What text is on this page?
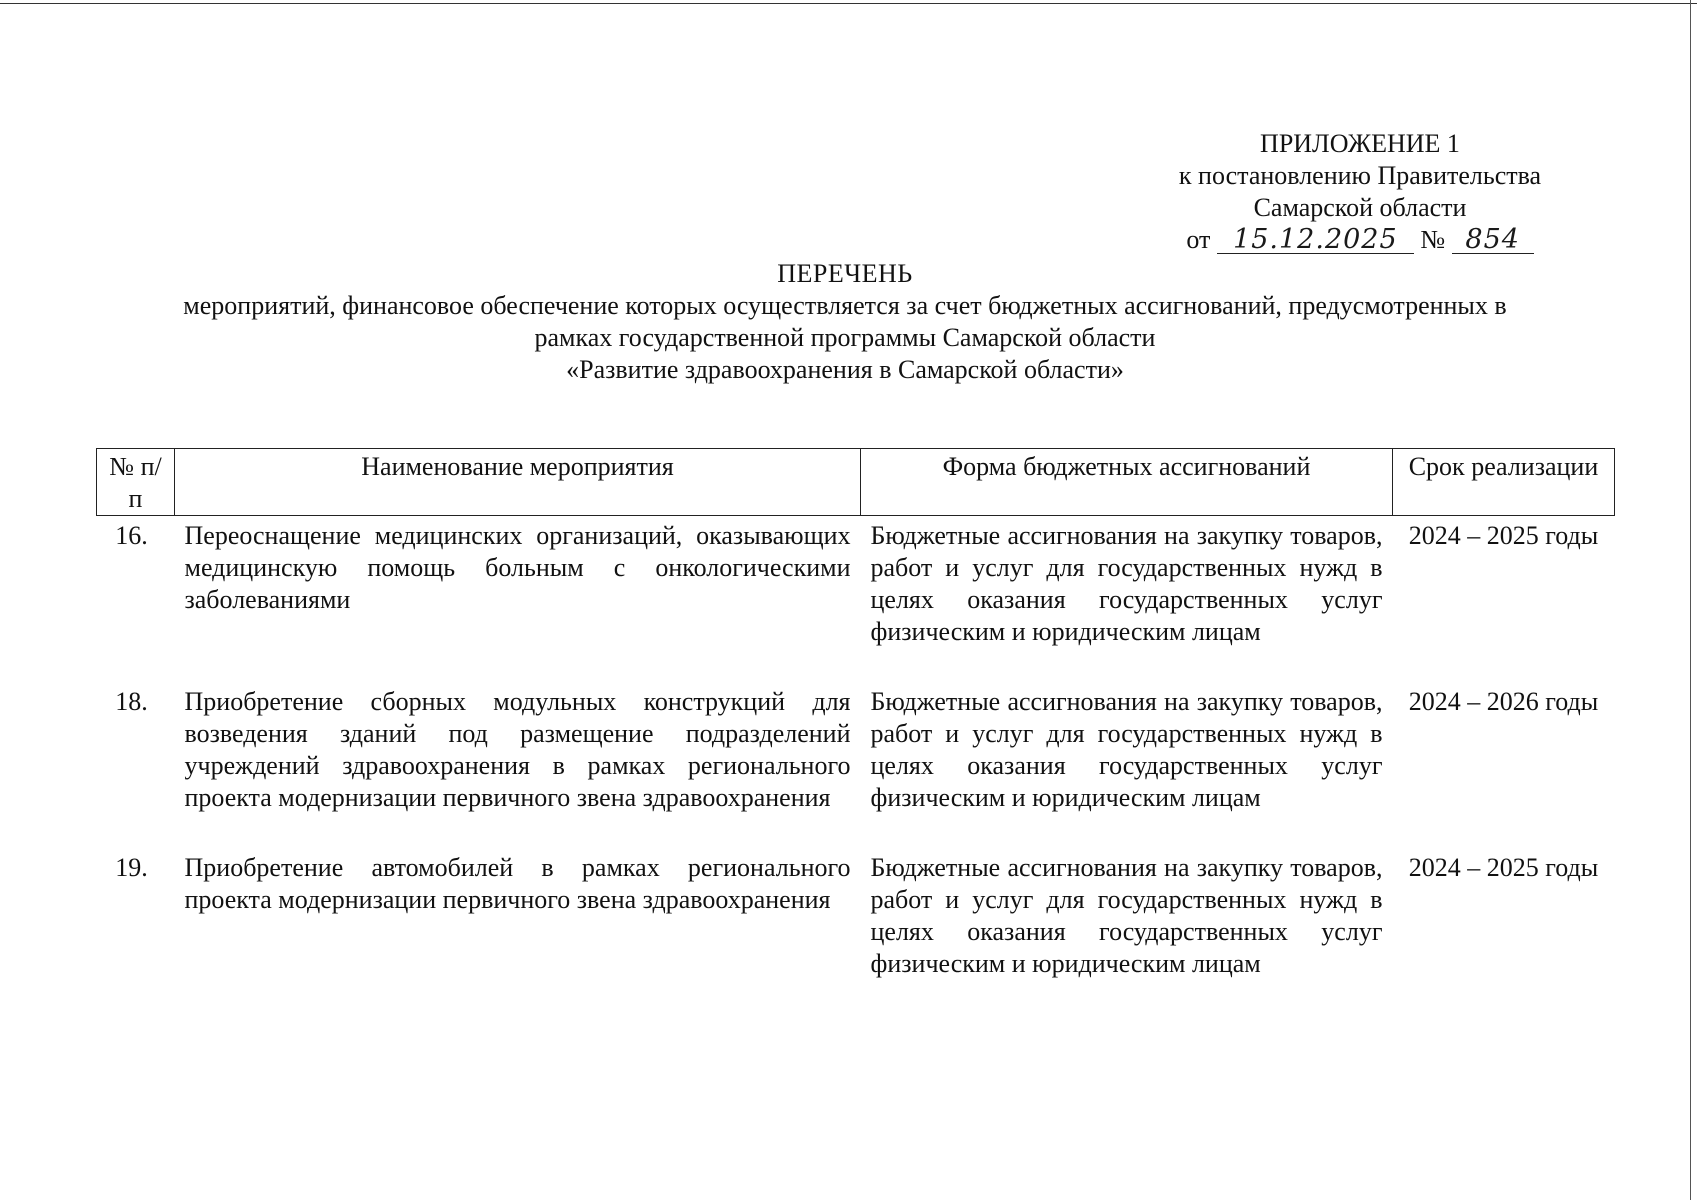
ПРИЛОЖЕНИЕ 1
к постановлению Правительства
Самарской области
от 15.12.2025 № 854
ПЕРЕЧЕНЬ
мероприятий, финансовое обеспечение которых осуществляется за счет бюджетных ассигнований, предусмотренных в
рамках государственной программы Самарской области
«Развитие здравоохранения в Самарской области»
№ п/п	Наименование мероприятия	Форма бюджетных ассигнований	Срок реализации
16.	Переоснащение медицинских организаций, оказывающих медицинскую помощь больным с онкологическими заболеваниями	Бюджетные ассигнования на закупку товаров, работ и услуг для государственных нужд в целях оказания государственных услуг физическим и юридическим лицам	2024 – 2025 годы
18.	Приобретение сборных модульных конструкций для возведения зданий под размещение подразделений учреждений здравоохранения в рамках регионального проекта модернизации первичного звена здравоохранения	Бюджетные ассигнования на закупку товаров, работ и услуг для государственных нужд в целях оказания государственных услуг физическим и юридическим лицам	2024 – 2026 годы
19.	Приобретение автомобилей в рамках регионального проекта модернизации первичного звена здравоохранения	Бюджетные ассигнования на закупку товаров, работ и услуг для государственных нужд в целях оказания государственных услуг физическим и юридическим лицам	2024 – 2025 годы
